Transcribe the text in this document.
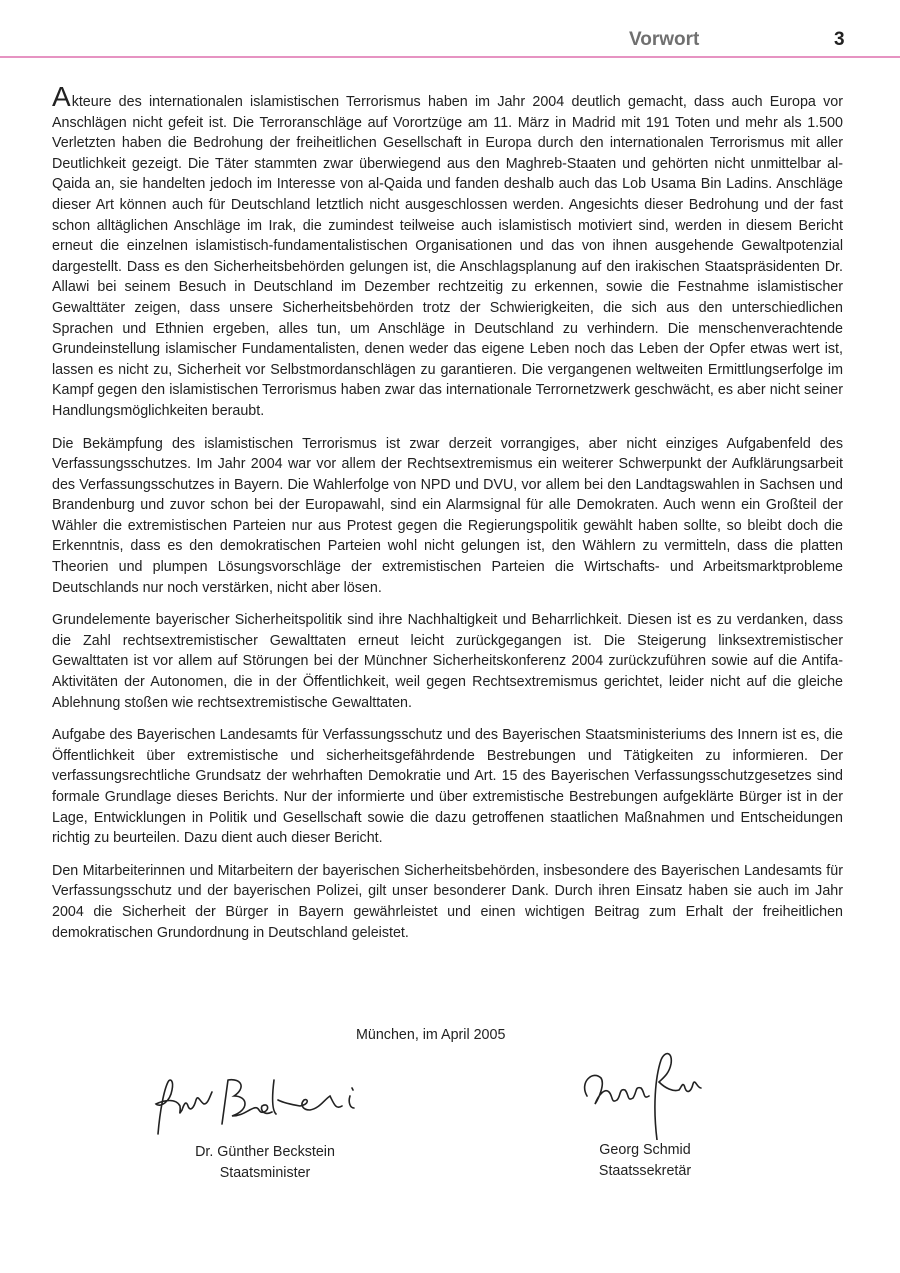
Vorwort	3

Akteure des internationalen islamistischen Terrorismus haben im Jahr 2004 deutlich gemacht, dass auch Europa vor Anschlägen nicht gefeit ist. Die Terroranschläge auf Vorortzüge am 11. März in Madrid mit 191 Toten und mehr als 1.500 Verletzten haben die Bedrohung der freiheitlichen Gesellschaft in Europa durch den internationalen Terrorismus mit aller Deutlichkeit gezeigt. Die Täter stammten zwar überwiegend aus den Maghreb-Staaten und gehörten nicht unmittelbar al-Qaida an, sie handelten jedoch im Interesse von al-Qaida und fanden deshalb auch das Lob Usama Bin Ladins. Anschläge dieser Art können auch für Deutschland letztlich nicht ausgeschlossen werden. Angesichts dieser Bedrohung und der fast schon alltäglichen Anschläge im Irak, die zumindest teilweise auch islamistisch motiviert sind, werden in diesem Bericht erneut die einzelnen islamistisch-fundamentalistischen Organisationen und das von ihnen ausgehende Gewaltpotenzial dargestellt. Dass es den Sicherheitsbehörden gelungen ist, die Anschlagsplanung auf den irakischen Staatspräsidenten Dr. Allawi bei seinem Besuch in Deutschland im Dezember rechtzeitig zu erkennen, sowie die Festnahme islamistischer Gewalttäter zeigen, dass unsere Sicherheitsbehörden trotz der Schwierigkeiten, die sich aus den unterschiedlichen Sprachen und Ethnien ergeben, alles tun, um Anschläge in Deutschland zu verhindern. Die menschenverachtende Grundeinstellung islamischer Fundamentalisten, denen weder das eigene Leben noch das Leben der Opfer etwas wert ist, lassen es nicht zu, Sicherheit vor Selbstmordanschlägen zu garantieren. Die vergangenen weltweiten Ermittlungserfolge im Kampf gegen den islamistischen Terrorismus haben zwar das internationale Terrornetzwerk geschwächt, es aber nicht seiner Handlungsmöglichkeiten beraubt.

Die Bekämpfung des islamistischen Terrorismus ist zwar derzeit vorrangiges, aber nicht einziges Aufgabenfeld des Verfassungsschutzes. Im Jahr 2004 war vor allem der Rechtsextremismus ein weiterer Schwerpunkt der Aufklärungsarbeit des Verfassungsschutzes in Bayern. Die Wahlerfolge von NPD und DVU, vor allem bei den Landtagswahlen in Sachsen und Brandenburg und zuvor schon bei der Europawahl, sind ein Alarmsignal für alle Demokraten. Auch wenn ein Großteil der Wähler die extremistischen Parteien nur aus Protest gegen die Regierungspolitik gewählt haben sollte, so bleibt doch die Erkenntnis, dass es den demokratischen Parteien wohl nicht gelungen ist, den Wählern zu vermitteln, dass die platten Theorien und plumpen Lösungsvorschläge der extremistischen Parteien die Wirtschafts- und Arbeitsmarktprobleme Deutschlands nur noch verstärken, nicht aber lösen.

Grundelemente bayerischer Sicherheitspolitik sind ihre Nachhaltigkeit und Beharrlichkeit. Diesen ist es zu verdanken, dass die Zahl rechtsextremistischer Gewalttaten erneut leicht zurückgegangen ist. Die Steigerung linksextremistischer Gewalttaten ist vor allem auf Störungen bei der Münchner Sicherheitskonferenz 2004 zurückzuführen sowie auf die Antifa-Aktivitäten der Autonomen, die in der Öffentlichkeit, weil gegen Rechtsextremismus gerichtet, leider nicht auf die gleiche Ablehnung stoßen wie rechtsextremistische Gewalttaten.

Aufgabe des Bayerischen Landesamts für Verfassungsschutz und des Bayerischen Staatsministeriums des Innern ist es, die Öffentlichkeit über extremistische und sicherheitsgefährdende Bestrebungen und Tätigkeiten zu informieren. Der verfassungsrechtliche Grundsatz der wehrhaften Demokratie und Art. 15 des Bayerischen Verfassungsschutzgesetzes sind formale Grundlage dieses Berichts. Nur der informierte und über extremistische Bestrebungen aufgeklärte Bürger ist in der Lage, Entwicklungen in Politik und Gesellschaft sowie die dazu getroffenen staatlichen Maßnahmen und Entscheidungen richtig zu beurteilen. Dazu dient auch dieser Bericht.

Den Mitarbeiterinnen und Mitarbeitern der bayerischen Sicherheitsbehörden, insbesondere des Bayerischen Landesamts für Verfassungsschutz und der bayerischen Polizei, gilt unser besonderer Dank. Durch ihren Einsatz haben sie auch im Jahr 2004 die Sicherheit der Bürger in Bayern gewährleistet und einen wichtigen Beitrag zum Erhalt der freiheitlichen demokratischen Grundordnung in Deutschland geleistet.

München, im April 2005
Dr. Günther Beckstein
Staatsminister
Georg Schmid
Staatssekretär
